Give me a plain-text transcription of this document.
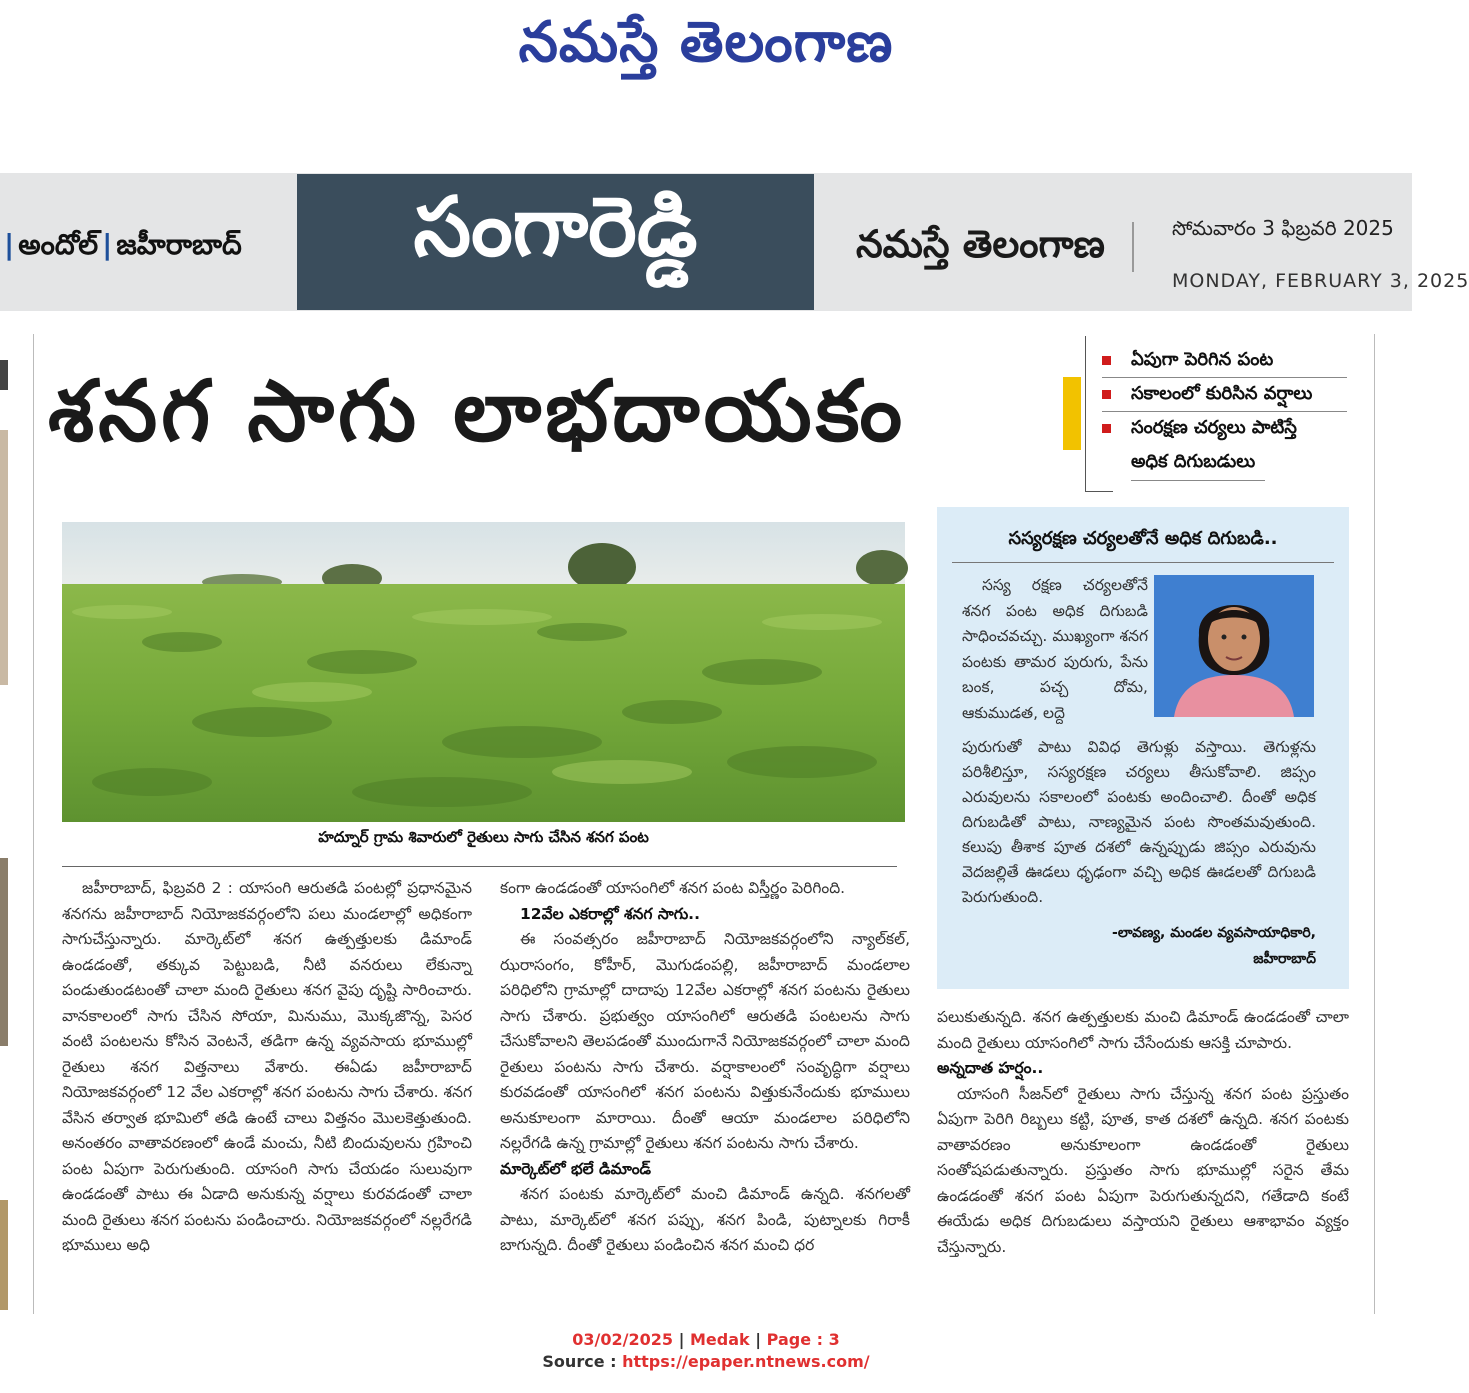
నమస్తే తెలంగాణ
| అందోల్ | జహీరాబాద్	సంగారెడ్డి	నమస్తే తెలంగాణ	సోమవారం 3 ఫిబ్రవరి 2025
MONDAY, FEBRUARY 3, 2025
శనగ సాగు లాభదాయకం
ఏపుగా పెరిగిన పంట
సకాలంలో కురిసిన వర్షాలు
సంరక్షణ చర్యలు పాటిస్తే
అధిక దిగుబడులు
హద్నూర్ గ్రామ శివారులో రైతులు సాగు చేసిన శనగ పంట

జహీరాబాద్, ఫిబ్రవరి 2 : యాసంగి ఆరుతడి పంటల్లో ప్రధానమైన శనగను జహీరాబాద్ నియోజకవర్గంలోని పలు మండలాల్లో అధికంగా సాగుచేస్తున్నారు. మార్కెట్‌లో శనగ ఉత్పత్తులకు డిమాండ్ ఉండడంతో, తక్కువ పెట్టుబడి, నీటి వనరులు లేకున్నా పండుతుండటంతో చాలా మంది రైతులు శనగ వైపు దృష్టి సారించారు. వానకాలంలో సాగు చేసిన సోయా, మినుము, మొక్కజొన్న, పెసర వంటి పంటలను కోసిన వెంటనే, తడిగా ఉన్న వ్యవసాయ భూముల్లో రైతులు శనగ విత్తనాలు వేశారు. ఈఏడు జహీరాబాద్ నియోజకవర్గంలో 12 వేల ఎకరాల్లో శనగ పంటను సాగు చేశారు. శనగ వేసిన తర్వాత భూమిలో తడి ఉంటే చాలు విత్తనం మొలకెత్తుతుంది. అనంతరం వాతావరణంలో ఉండే మంచు, నీటి బిందువులను గ్రహించి పంట ఏపుగా పెరుగుతుంది. యాసంగి సాగు చేయడం సులువుగా ఉండడంతో పాటు ఈ ఏడాది అనుకున్న వర్షాలు కురవడంతో చాలా మంది రైతులు శనగ పంటను పండించారు. నియోజకవర్గంలో నల్లరేగడి భూములు అధి

కంగా ఉండడంతో యాసంగిలో శనగ పంట విస్తీర్ణం పెరిగింది.

12వేల ఎకరాల్లో శనగ సాగు..

ఈ సంవత్సరం జహీరాబాద్ నియోజకవర్గంలోని న్యాల్‌కల్, ఝరాసంగం, కోహీర్, మొగుడంపల్లి, జహీరాబాద్ మండలాల పరిధిలోని గ్రామాల్లో దాదాపు 12వేల ఎకరాల్లో శనగ పంటను రైతులు సాగు చేశారు. ప్రభుత్వం యాసంగిలో ఆరుతడి పంటలను సాగు చేసుకోవాలని తెలపడంతో ముందుగానే నియోజకవర్గంలో చాలా మంది రైతులు పంటను సాగు చేశారు. వర్షాకాలంలో సంవృద్ధిగా వర్షాలు కురవడంతో యాసంగిలో శనగ పంటను విత్తుకునేందుకు భూములు అనుకూలంగా మారాయి. దీంతో ఆయా మండలాల పరిధిలోని నల్లరేగడి ఉన్న గ్రామాల్లో రైతులు శనగ పంటను సాగు చేశారు.

మార్కెట్‌లో భలే డిమాండ్

శనగ పంటకు మార్కెట్‌లో మంచి డిమాండ్ ఉన్నది. శనగలతో పాటు, మార్కెట్‌లో శనగ పప్పు, శనగ పిండి, పుట్నాలకు గిరాకీ బాగున్నది. దీంతో రైతులు పండించిన శనగ మంచి ధర

సస్యరక్షణ చర్యలతోనే అధిక దిగుబడి..
సస్య రక్షణ చర్యలతోనే శనగ పంట అధిక దిగుబడి సాధించవచ్చు. ముఖ్యంగా శనగ పంటకు తామర పురుగు, పేను బంక, పచ్చ దోమ, ఆకుముడత, లద్దె
పురుగుతో పాటు వివిధ తెగుళ్లు వస్తాయి. తెగుళ్లను పరిశీలిస్తూ, సస్యరక్షణ చర్యలు తీసుకోవాలి. జిప్సం ఎరువులను సకాలంలో పంటకు అందించాలి. దీంతో అధిక దిగుబడితో పాటు, నాణ్యమైన పంట సొంతమవుతుంది. కలుపు తీశాక పూత దశలో ఉన్నప్పుడు జిప్సం ఎరువును వెదజల్లితే ఊడలు ధృఢంగా వచ్చి అధిక ఊడలతో దిగుబడి పెరుగుతుంది.
-లావణ్య, మండల వ్యవసాయాధికారి,
జహీరాబాద్

పలుకుతున్నది. శనగ ఉత్పత్తులకు మంచి డిమాండ్ ఉండడంతో చాలా మంది రైతులు యాసంగిలో సాగు చేసేందుకు ఆసక్తి చూపారు.

అన్నదాత హర్షం..

యాసంగి సీజన్‌లో రైతులు సాగు చేస్తున్న శనగ పంట ప్రస్తుతం ఏపుగా పెరిగి రిబ్బలు కట్టి, పూత, కాత దశలో ఉన్నది. శనగ పంటకు వాతావరణం అనుకూలంగా ఉండడంతో రైతులు సంతోషపడుతున్నారు. ప్రస్తుతం సాగు భూముల్లో సరైన తేమ ఉండడంతో శనగ పంట ఏపుగా పెరుగుతున్నదని, గతేడాది కంటే ఈయేడు అధిక దిగుబడులు వస్తాయని రైతులు ఆశాభావం వ్యక్తం చేస్తున్నారు.

03/02/2025 | Medak | Page : 3
Source : https://epaper.ntnews.com/
